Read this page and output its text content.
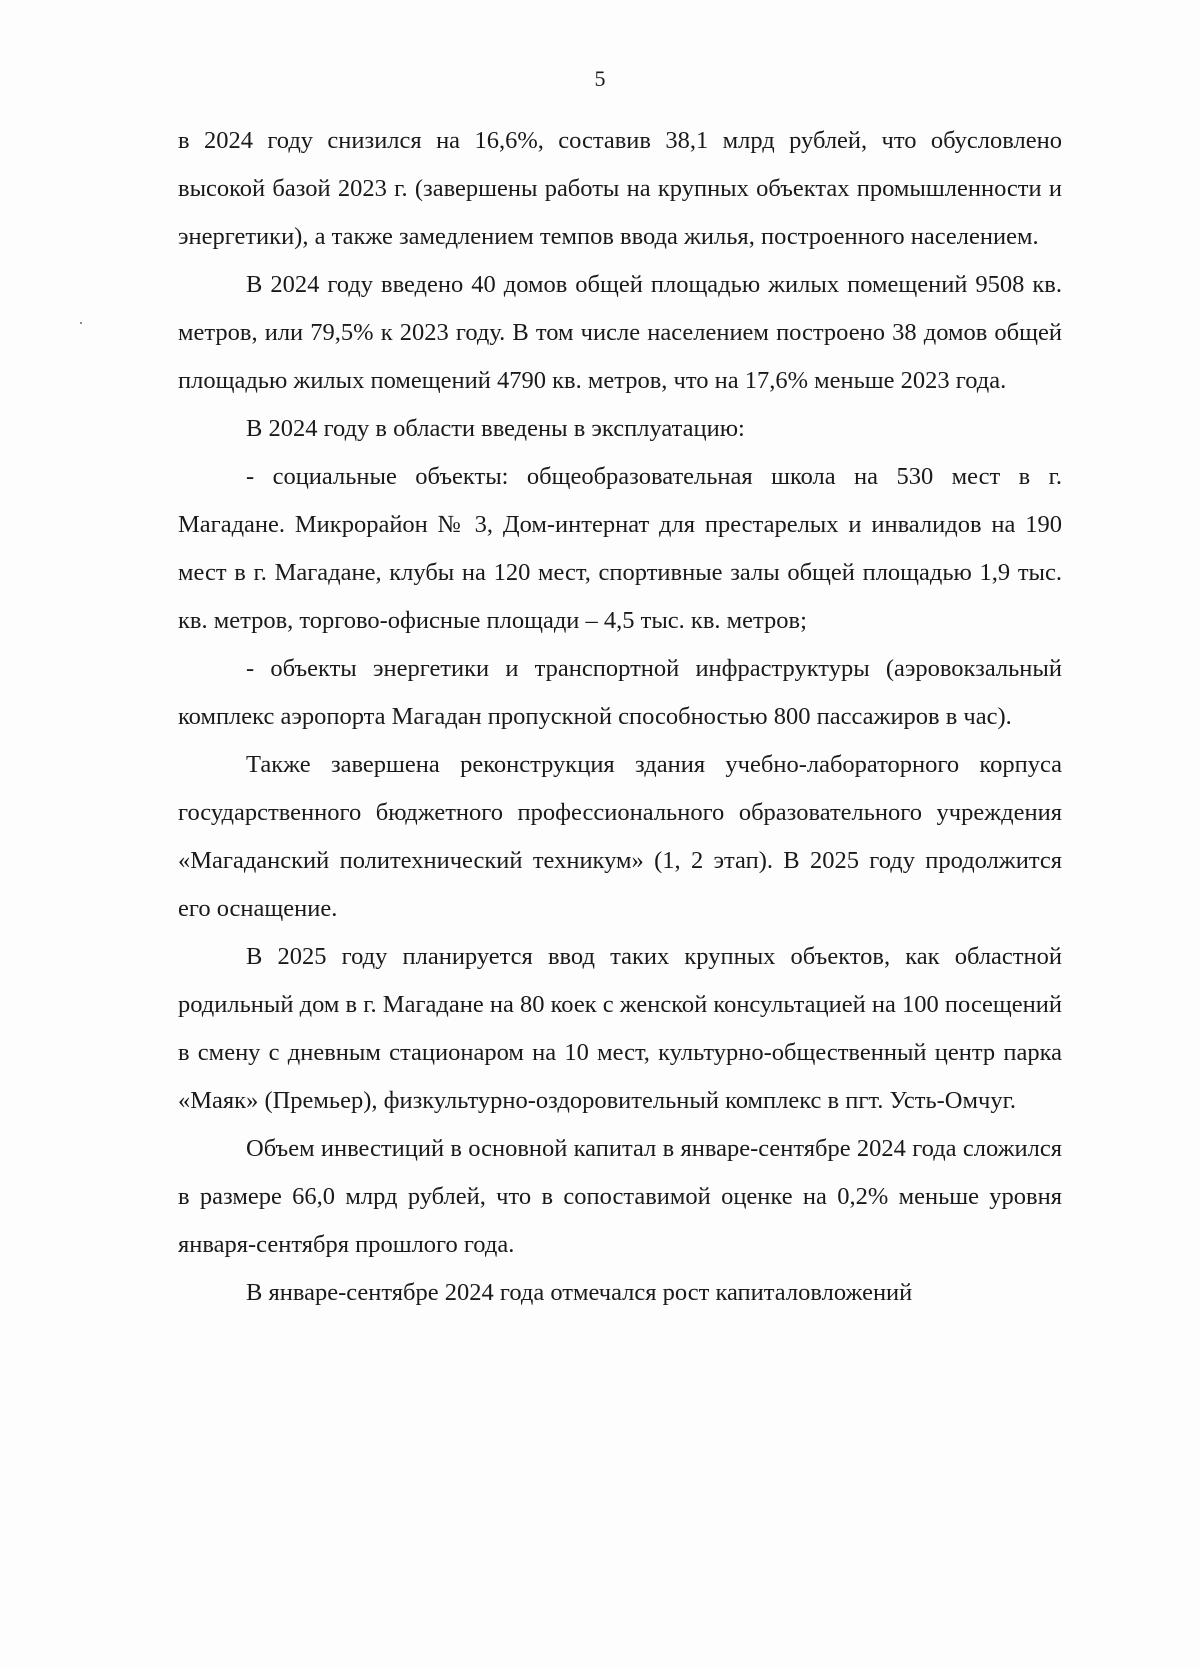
5

в 2024 году снизился на 16,6%, составив 38,1 млрд рублей, что обусловлено высокой базой 2023 г. (завершены работы на крупных объектах промышленности и энергетики), а также замедлением темпов ввода жилья, построенного населением.

В 2024 году введено 40 домов общей площадью жилых помещений 9508 кв. метров, или 79,5% к 2023 году. В том числе населением построено 38 домов общей площадью жилых помещений 4790 кв. метров, что на 17,6% меньше 2023 года.

В 2024 году в области введены в эксплуатацию:

- социальные объекты: общеобразовательная школа на 530 мест в г. Магадане. Микрорайон № 3, Дом-интернат для престарелых и инвалидов на 190 мест в г. Магадане, клубы на 120 мест, спортивные залы общей площадью 1,9 тыс. кв. метров, торгово-офисные площади – 4,5 тыс. кв. метров;

- объекты энергетики и транспортной инфраструктуры (аэровокзальный комплекс аэропорта Магадан пропускной способностью 800 пассажиров в час).

Также завершена реконструкция здания учебно-лабораторного корпуса государственного бюджетного профессионального образовательного учреждения «Магаданский политехнический техникум» (1, 2 этап). В 2025 году продолжится его оснащение.

В 2025 году планируется ввод таких крупных объектов, как областной родильный дом в г. Магадане на 80 коек с женской консультацией на 100 посещений в смену с дневным стационаром на 10 мест, культурно-общественный центр парка «Маяк» (Премьер), физкультурно-оздоровительный комплекс в пгт. Усть-Омчуг.

Объем инвестиций в основной капитал в январе-сентябре 2024 года сложился в размере 66,0 млрд рублей, что в сопоставимой оценке на 0,2% меньше уровня января-сентября прошлого года.

В январе-сентябре 2024 года отмечался рост капиталовложений
